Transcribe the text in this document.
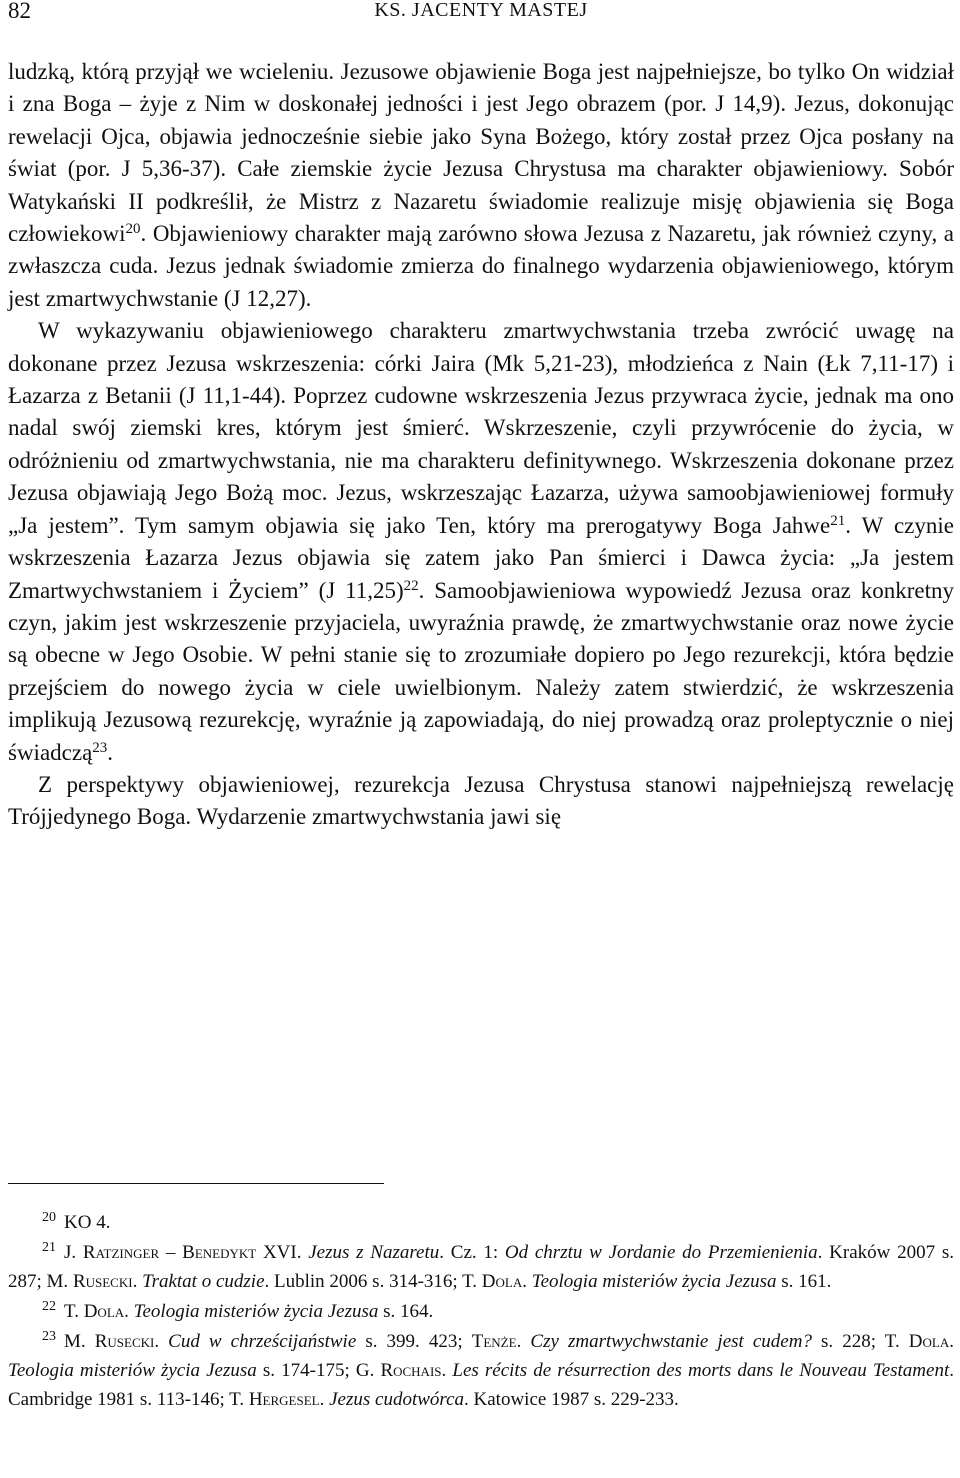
82	KS. JACENTY MASTEJ

ludzką, którą przyjął we wcieleniu. Jezusowe objawienie Boga jest najpełniejsze, bo tylko On widział i zna Boga – żyje z Nim w doskonałej jedności i jest Jego obrazem (por. J 14,9). Jezus, dokonując rewelacji Ojca, objawia jednocześnie siebie jako Syna Bożego, który został przez Ojca posłany na świat (por. J 5,36-37). Całe ziemskie życie Jezusa Chrystusa ma charakter objawieniowy. Sobór Watykański II podkreślił, że Mistrz z Nazaretu świadomie realizuje misję objawienia się Boga człowiekowi$^{20}$. Objawieniowy charakter mają zarówno słowa Jezusa z Nazaretu, jak również czyny, a zwłaszcza cuda. Jezus jednak świadomie zmierza do finalnego wydarzenia objawieniowego, którym jest zmartwychwstanie (J 12,27).

W wykazywaniu objawieniowego charakteru zmartwychwstania trzeba zwrócić uwagę na dokonane przez Jezusa wskrzeszenia: córki Jaira (Mk 5,21-23), młodzieńca z Nain (Łk 7,11-17) i Łazarza z Betanii (J 11,1-44). Poprzez cudowne wskrzeszenia Jezus przywraca życie, jednak ma ono nadal swój ziemski kres, którym jest śmierć. Wskrzeszenie, czyli przywrócenie do życia, w odróżnieniu od zmartwychwstania, nie ma charakteru definitywnego. Wskrzeszenia dokonane przez Jezusa objawiają Jego Bożą moc. Jezus, wskrzeszając Łazarza, używa samoobjawieniowej formuły „Ja jestem”. Tym samym objawia się jako Ten, który ma prerogatywy Boga Jahwe$^{21}$. W czynie wskrzeszenia Łazarza Jezus objawia się zatem jako Pan śmierci i Dawca życia: „Ja jestem Zmartwychwstaniem i Życiem” (J 11,25)$^{22}$. Samoobjawieniowa wypowiedź Jezusa oraz konkretny czyn, jakim jest wskrzeszenie przyjaciela, uwyraźnia prawdę, że zmartwychwstanie oraz nowe życie są obecne w Jego Osobie. W pełni stanie się to zrozumiałe dopiero po Jego rezurekcji, która będzie przejściem do nowego życia w ciele uwielbionym. Należy zatem stwierdzić, że wskrzeszenia implikują Jezusową rezurekcję, wyraźnie ją zapowiadają, do niej prowadzą oraz proleptycznie o niej świadczą$^{23}$.

Z perspektywy objawieniowej, rezurekcja Jezusa Chrystusa stanowi najpełniejszą rewelację Trójjedynego Boga. Wydarzenie zmartwychwstania jawi się

$^{20}$ KO 4.

$^{21}$ J. Ratzinger – Benedykt XVI. Jezus z Nazaretu. Cz. 1: Od chrztu w Jordanie do Przemienienia. Kraków 2007 s. 287; M. Rusecki. Traktat o cudzie. Lublin 2006 s. 314-316; T. Dola. Teologia misteriów życia Jezusa s. 161.

$^{22}$ T. Dola. Teologia misteriów życia Jezusa s. 164.

$^{23}$ M. Rusecki. Cud w chrześcijaństwie s. 399. 423; Tenże. Czy zmartwychwstanie jest cudem? s. 228; T. Dola. Teologia misteriów życia Jezusa s. 174-175; G. Rochais. Les récits de résurrection des morts dans le Nouveau Testament. Cambridge 1981 s. 113-146; T. Hergesel. Jezus cudotwórca. Katowice 1987 s. 229-233.
